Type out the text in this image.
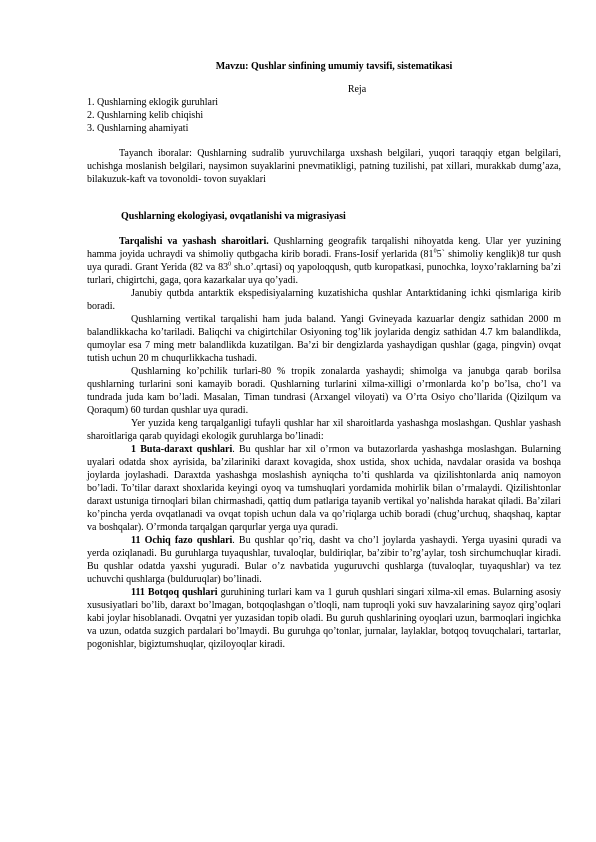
Mavzu: Qushlar sinfining umumiy tavsifi, sistematikasi

Reja

1. Qushlarning eklogik guruhlari
2. Qushlarning kelib chiqishi
3. Qushlarning ahamiyati

Tayanch iboralar: Qushlarning sudralib yuruvchilarga uxshash belgilari, yuqori taraqqiy etgan belgilari, uchishga moslanish belgilari, naysimon suyaklarini pnevmatikligi, patning tuzilishi, pat xillari, murakkab dumg’aza, bilakuzuk-kaft va tovonoldi- tovon suyaklari

Qushlarning ekologiyasi, ovqatlanishi va migrasiyasi

Tarqalishi va yashash sharoitlari. Qushlarning geografik tarqalishi nihoyatda keng. Ular yer yuzining hamma joyida uchraydi va shimoliy qutbgacha kirib boradi. Frans-Iosif yerlarida ($81^05`$ shimoliy kenglik)8 tur qush uya quradi. Grant Yerida (82 va $83^0$ sh.o’.qrtasi) oq yapoloqqush, qutb kuropatkasi, punochka, loyxo’raklarning ba’zi turlari, chigirtchi, gaga, qora kazarkalar uya qo’yadi.

Janubiy qutbda antarktik ekspedisiyalarning kuzatishicha qushlar Antarktidaning ichki qismlariga kirib boradi.

Qushlarning vertikal tarqalishi ham juda baland. Yangi Gvineyada kazuarlar dengiz sathidan 2000 m balandlikkacha ko’tariladi. Baliqchi va chigirtchilar Osiyoning tog’lik joylarida dengiz sathidan 4.7 km balandlikda, qumoylar esa 7 ming metr balandlikda kuzatilgan. Ba’zi bir dengizlarda yashaydigan qushlar (gaga, pingvin) ovqat tutish uchun 20 m chuqurlikkacha tushadi.

Qushlarning ko’pchilik turlari-80 % tropik zonalarda yashaydi; shimolga va janubga qarab borilsa qushlarning turlarini soni kamayib boradi. Qushlarning turlarini xilma-xilligi o’rmonlarda ko’p bo’lsa, cho’l va tundrada juda kam bo’ladi. Masalan, Timan tundrasi (Arxangel viloyati) va O’rta Osiyo cho’llarida (Qizilqum va Qoraqum) 60 turdan qushlar uya quradi.

Yer yuzida keng tarqalganligi tufayli qushlar har xil sharoitlarda yashashga moslashgan. Qushlar yashash sharoitlariga qarab quyidagi ekologik guruhlarga bo’linadi:

1 Buta-daraxt qushlari. Bu qushlar har xil o’rmon va butazorlarda yashashga moslashgan. Bularning uyalari odatda shox ayrisida, ba’zilariniki daraxt kovagida, shox ustida, shox uchida, navdalar orasida va boshqa joylarda joylashadi. Daraxtda yashashga moslashish ayniqcha to’ti qushlarda va qizilishtonlarda aniq namoyon bo’ladi. To’tilar daraxt shoxlarida keyingi oyoq va tumshuqlari yordamida mohirlik bilan o’rmalaydi. Qizilishtonlar daraxt ustuniga tirnoqlari bilan chirmashadi, qattiq dum patlariga tayanib vertikal yo’nalishda harakat qiladi. Ba’zilari ko’pincha yerda ovqatlanadi va ovqat topish uchun dala va qo’riqlarga uchib boradi (chug’urchuq, shaqshaq, kaptar va boshqalar). O’rmonda tarqalgan qarqurlar yerga uya quradi.

11 Ochiq fazo qushlari. Bu qushlar qo’riq, dasht va cho’l joylarda yashaydi. Yerga uyasini quradi va yerda oziqlanadi. Bu guruhlarga tuyaqushlar, tuvaloqlar, buldiriqlar, ba’zibir to’rg’aylar, tosh sirchumchuqlar kiradi. Bu qushlar odatda yaxshi yuguradi. Bular o’z navbatida yuguruvchi qushlarga (tuvaloqlar, tuyaqushlar) va tez uchuvchi qushlarga (bulduruqlar) bo’linadi.

111 Botqoq qushlari guruhining turlari kam va 1 guruh qushlari singari xilma-xil emas. Bularning asosiy xususiyatlari bo’lib, daraxt bo’lmagan, botqoqlashgan o’tloqli, nam tuproqli yoki suv havzalarining sayoz qirg’oqlari kabi joylar hisoblanadi. Ovqatni yer yuzasidan topib oladi. Bu guruh qushlarining oyoqlari uzun, barmoqlari ingichka va uzun, odatda suzgich pardalari bo’lmaydi. Bu guruhga qo’tonlar, jurnalar, laylaklar, botqoq tovuqchalari, tartarlar, pogonishlar, bigiztumshuqlar, qiziloyoqlar kiradi.
